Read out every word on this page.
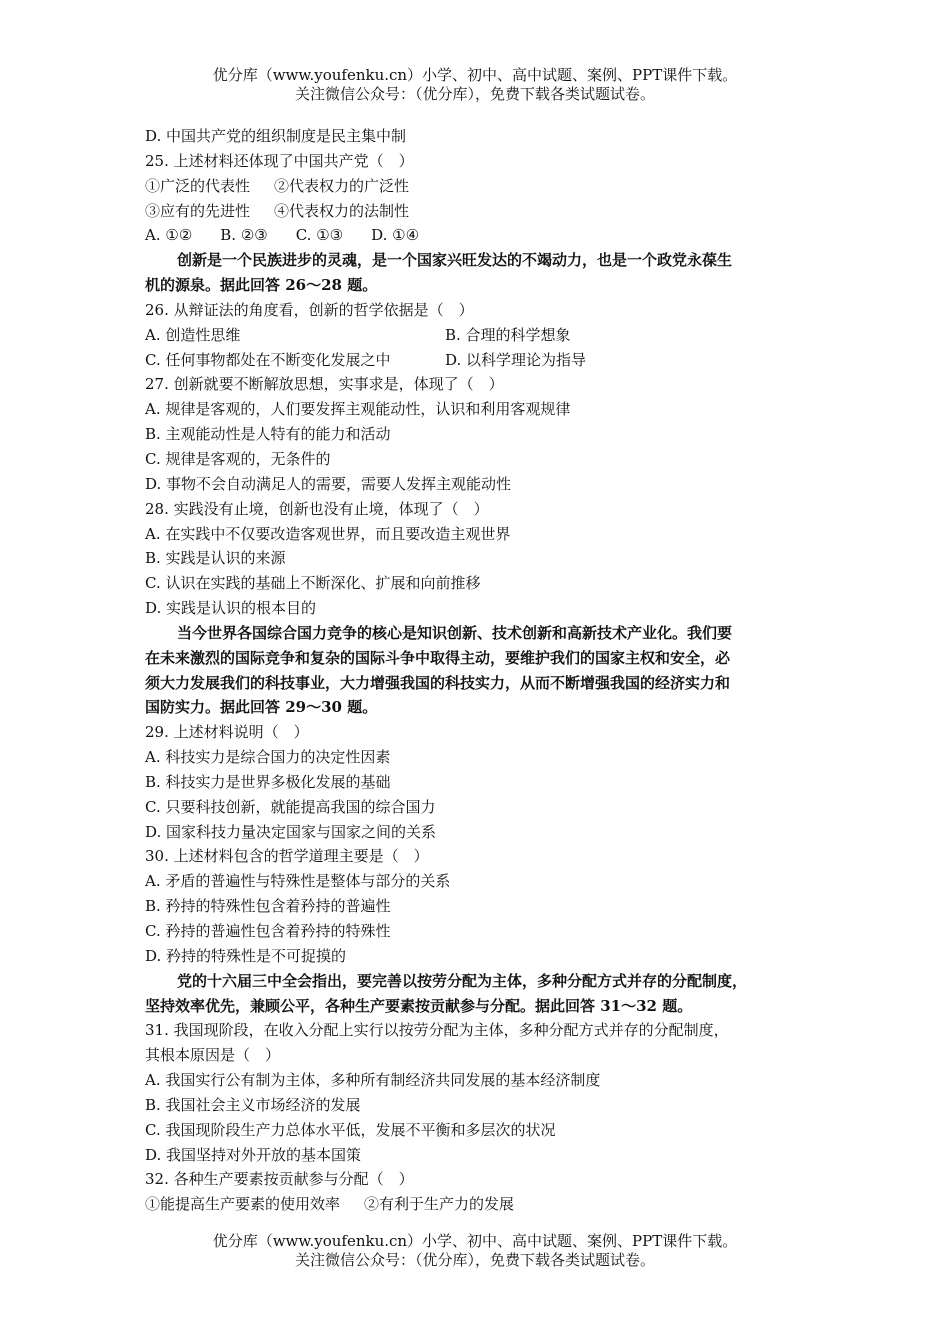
优分库（www.youfenku.cn）小学、初中、高中试题、案例、PPT课件下载。
关注微信公众号：（优分库），免费下载各类试题试卷。
D. 中国共产党的组织制度是民主集中制
25. 上述材料还体现了中国共产党（　）
①广泛的代表性 ②代表权力的广泛性
③应有的先进性 ④代表权力的法制性
A. ①② B. ②③ C. ①③ D. ①④
创新是一个民族进步的灵魂，是一个国家兴旺发达的不竭动力，也是一个政党永葆生
机的源泉。据此回答 26～28 题。
26. 从辩证法的角度看，创新的哲学依据是（　）
A. 创造性思维	B. 合理的科学想象
C. 任何事物都处在不断变化发展之中	D. 以科学理论为指导
27. 创新就要不断解放思想，实事求是，体现了（　）
A. 规律是客观的，人们要发挥主观能动性，认识和利用客观规律
B. 主观能动性是人特有的能力和活动
C. 规律是客观的，无条件的
D. 事物不会自动满足人的需要，需要人发挥主观能动性
28. 实践没有止境，创新也没有止境，体现了（　）
A. 在实践中不仅要改造客观世界，而且要改造主观世界
B. 实践是认识的来源
C. 认识在实践的基础上不断深化、扩展和向前推移
D. 实践是认识的根本目的
当今世界各国综合国力竞争的核心是知识创新、技术创新和高新技术产业化。我们要
在未来激烈的国际竞争和复杂的国际斗争中取得主动，要维护我们的国家主权和安全，必
须大力发展我们的科技事业，大力增强我国的科技实力，从而不断增强我国的经济实力和
国防实力。据此回答 29～30 题。
29. 上述材料说明（　）
A. 科技实力是综合国力的决定性因素
B. 科技实力是世界多极化发展的基础
C. 只要科技创新，就能提高我国的综合国力
D. 国家科技力量决定国家与国家之间的关系
30. 上述材料包含的哲学道理主要是（　）
A. 矛盾的普遍性与特殊性是整体与部分的关系
B. 矜持的特殊性包含着矜持的普遍性
C. 矜持的普遍性包含着矜持的特殊性
D. 矜持的特殊性是不可捉摸的
党的十六届三中全会指出，要完善以按劳分配为主体，多种分配方式并存的分配制度，
坚持效率优先，兼顾公平，各种生产要素按贡献参与分配。据此回答 31～32 题。
31. 我国现阶段，在收入分配上实行以按劳分配为主体，多种分配方式并存的分配制度，
其根本原因是（　）
A. 我国实行公有制为主体，多种所有制经济共同发展的基本经济制度
B. 我国社会主义市场经济的发展
C. 我国现阶段生产力总体水平低，发展不平衡和多层次的状况
D. 我国坚持对外开放的基本国策
32. 各种生产要素按贡献参与分配（　）
①能提高生产要素的使用效率 ②有利于生产力的发展
优分库（www.youfenku.cn）小学、初中、高中试题、案例、PPT课件下载。
关注微信公众号：（优分库），免费下载各类试题试卷。
